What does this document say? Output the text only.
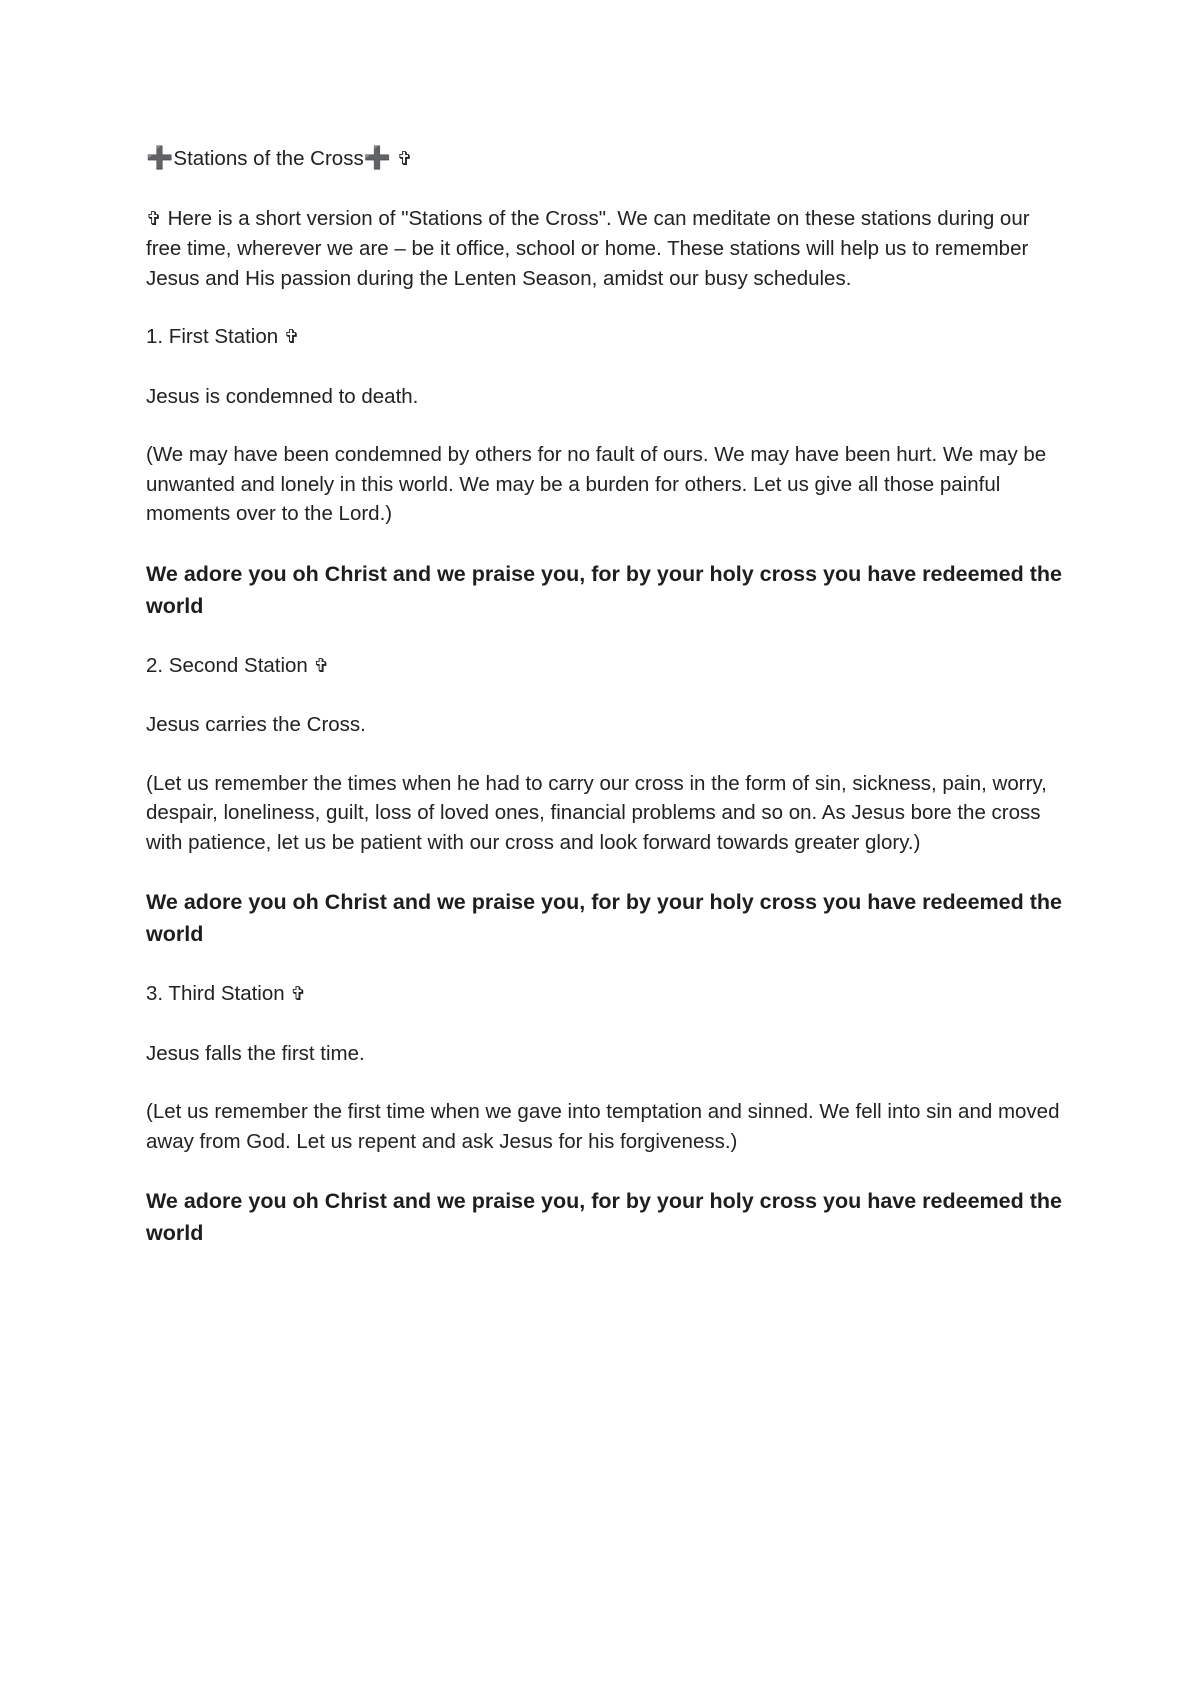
➕Stations of the Cross➕ ✞

✞ Here is a short version of "Stations of the Cross". We can meditate on these stations during our free time, wherever we are – be it office, school or home. These stations will help us to remember Jesus and His passion during the Lenten Season, amidst our busy schedules.

1. First Station ✞

Jesus is condemned to death.

(We may have been condemned by others for no fault of ours. We may have been hurt. We may be unwanted and lonely in this world. We may be a burden for others. Let us give all those painful moments over to the Lord.)

We adore you oh Christ and we praise you, for by your holy cross you have redeemed the world

2. Second Station ✞

Jesus carries the Cross.

(Let us remember the times when he had to carry our cross in the form of sin, sickness, pain, worry, despair, loneliness, guilt, loss of loved ones, financial problems and so on. As Jesus bore the cross with patience, let us be patient with our cross and look forward towards greater glory.)

We adore you oh Christ and we praise you, for by your holy cross you have redeemed the world

3. Third Station ✞

Jesus falls the first time.

(Let us remember the first time when we gave into temptation and sinned. We fell into sin and moved away from God. Let us repent and ask Jesus for his forgiveness.)

We adore you oh Christ and we praise you, for by your holy cross you have redeemed the world
